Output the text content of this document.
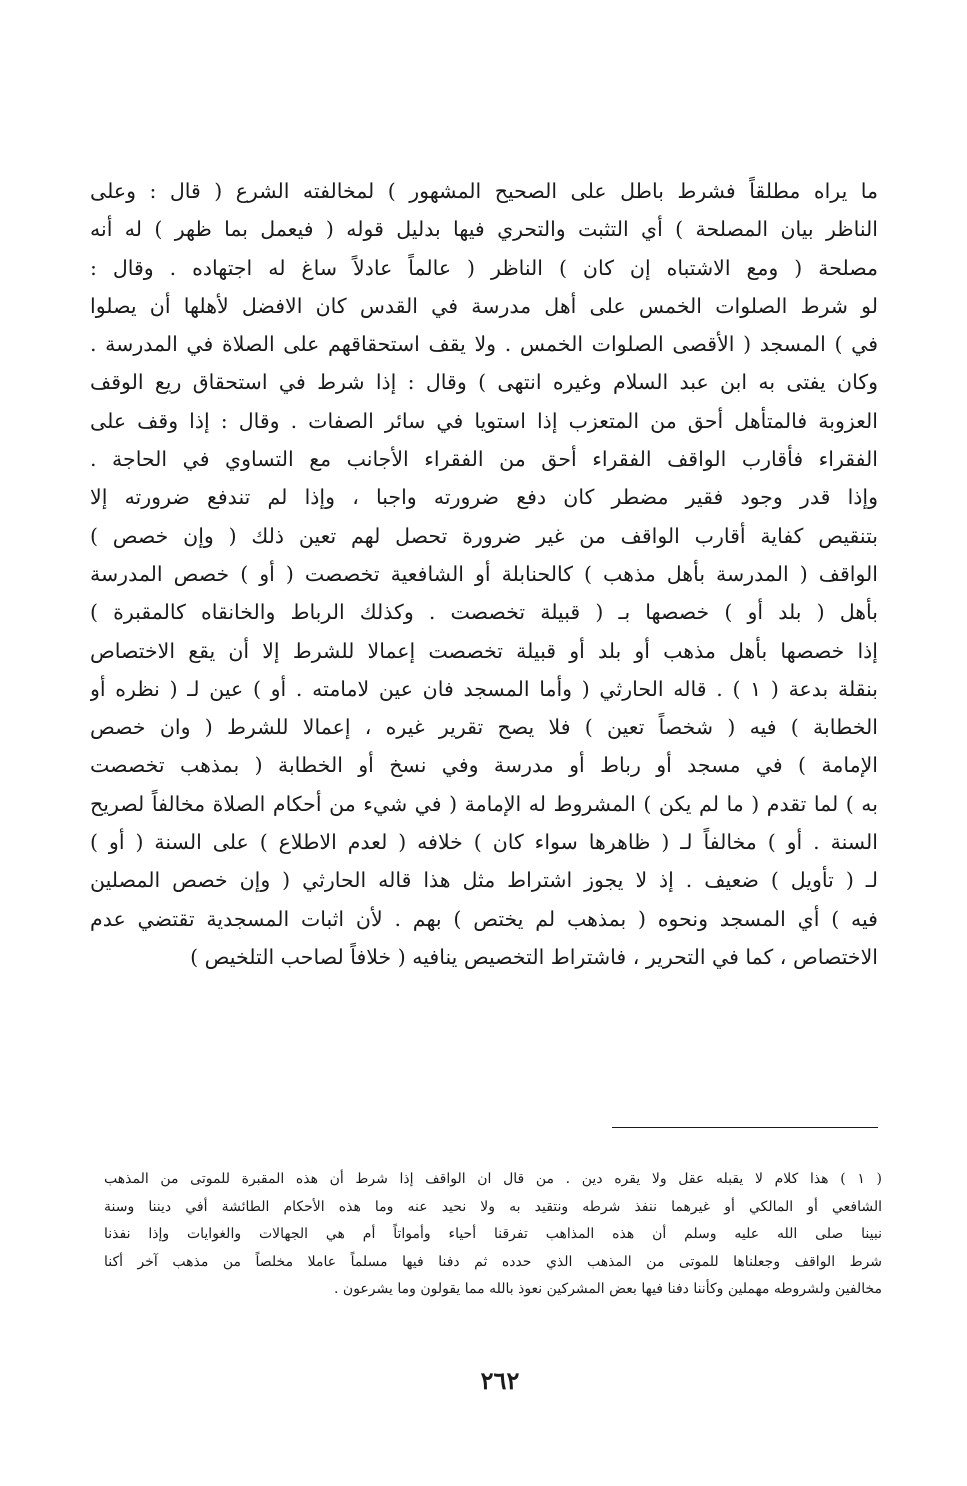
ما يراه مطلقاً فشرط باطل على الصحيح المشهور ) لمخالفته الشرع ( قال : وعلى
الناظر بيان المصلحة ) أي التثبت والتحري فيها بدليل قوله ( فيعمل بما ظهر ) له أنه
مصلحة ( ومع الاشتباه إن كان ) الناظر ( عالماً عادلاً ساغ له اجتهاده . وقال :
لو شرط الصلوات الخمس على أهل مدرسة في القدس كان الافضل لأهلها أن يصلوا
في ) المسجد ( الأقصى الصلوات الخمس . ولا يقف استحقاقهم على الصلاة في المدرسة .
وكان يفتى به ابن عبد السلام وغيره انتهى ) وقال : إذا شرط في استحقاق ريع الوقف
العزوبة فالمتأهل أحق من المتعزب إذا استويا في سائر الصفات . وقال : إذا وقف على
الفقراء فأقارب الواقف الفقراء أحق من الفقراء الأجانب مع التساوي في الحاجة .
وإذا قدر وجود فقير مضطر كان دفع ضرورته واجبا ، وإذا لم تندفع ضرورته إلا
بتنقيص كفاية أقارب الواقف من غير ضرورة تحصل لهم تعين ذلك ( وإن خصص )
الواقف ( المدرسة بأهل مذهب ) كالحنابلة أو الشافعية تخصصت ( أو ) خصص المدرسة
بأهل ( بلد أو ) خصصها بـ ( قبيلة تخصصت . وكذلك الرباط والخانقاه كالمقبرة )
إذا خصصها بأهل مذهب أو بلد أو قبيلة تخصصت إعمالا للشرط إلا أن يقع الاختصاص
بنقلة بدعة ( ١ ) . قاله الحارثي ( وأما المسجد فان عين لامامته . أو ) عين لـ ( نظره أو
الخطابة ) فيه ( شخصاً تعين ) فلا يصح تقرير غيره ، إعمالا للشرط ( وان خصص
الإمامة ) في مسجد أو رباط أو مدرسة وفي نسخ أو الخطابة ( بمذهب تخصصت
به ) لما تقدم ( ما لم يكن ) المشروط له الإمامة ( في شيء من أحكام الصلاة مخالفاً لصريح
السنة . أو ) مخالفاً لـ ( ظاهرها سواء كان ) خلافه ( لعدم الاطلاع ) على السنة ( أو )
لـ ( تأويل ) ضعيف . إذ لا يجوز اشتراط مثل هذا قاله الحارثي ( وإن خصص المصلين
فيه ) أي المسجد ونحوه ( بمذهب لم يختص ) بهم . لأن اثبات المسجدية تقتضي عدم
الاختصاص ، كما في التحرير ، فاشتراط التخصيص ينافيه ( خلافاً لصاحب التلخيص )
( ١ ) هذا كلام لا يقبله عقل ولا يقره دين . من قال ان الواقف إذا شرط أن هذه المقبرة للموتى من المذهب
الشافعي أو المالكي أو غيرهما ننفذ شرطه ونتقيد به ولا نحيد عنه وما هذه الأحكام الطائشة أفي ديننا وسنة
نبينا صلى الله عليه وسلم أن هذه المذاهب تفرقنا أحياء وأمواتاً أم هي الجهالات والغوايات وإذا نفذنا
شرط الواقف وجعلناها للموتى من المذهب الذي حدده ثم دفنا فيها مسلماً عاملا مخلصاً من مذهب آخر أكنا
مخالفين ولشروطه مهملين وكأننا دفنا فيها بعض المشركين نعوذ بالله مما يقولون وما يشرعون .
٢٦٢
